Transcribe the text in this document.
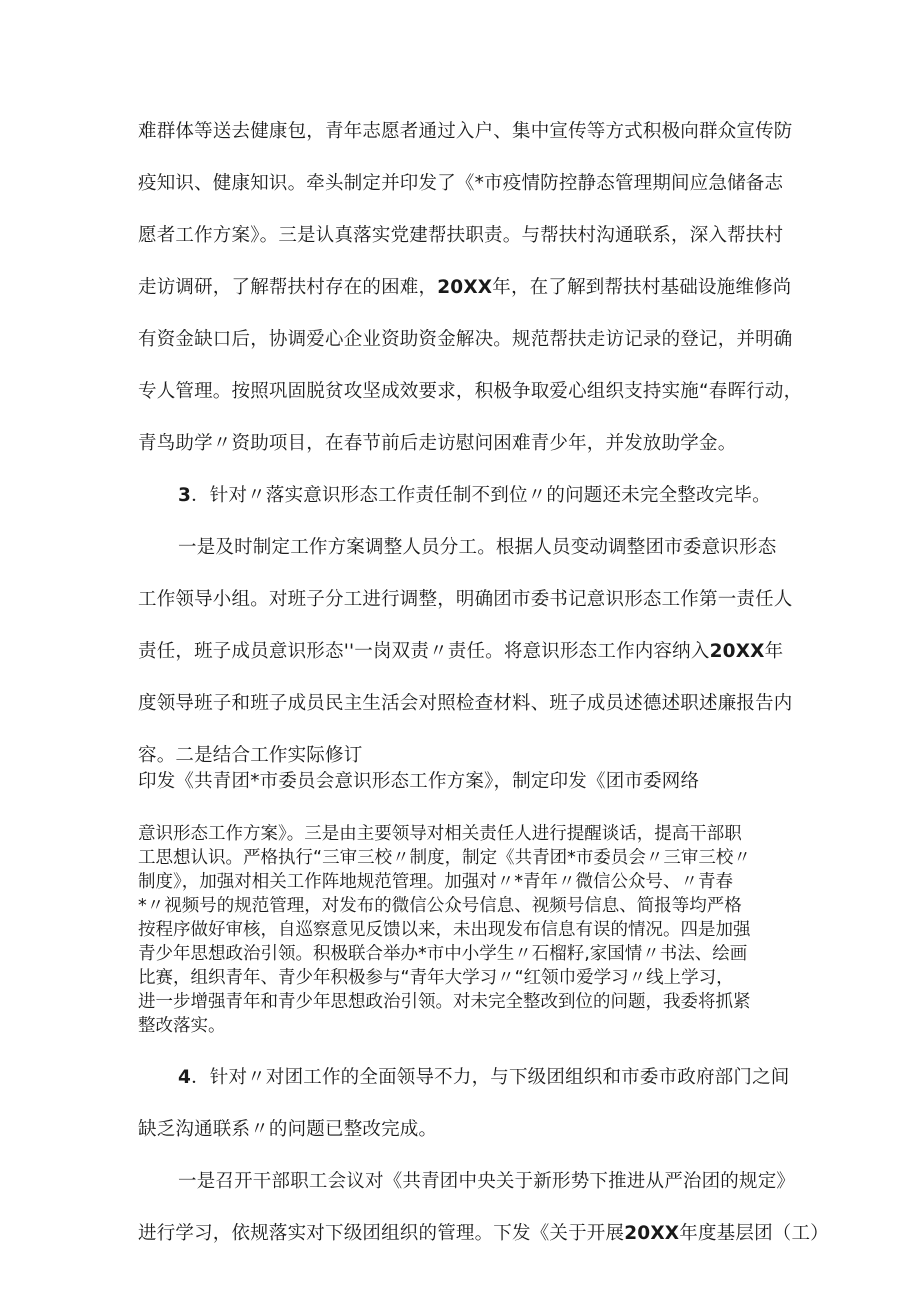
难群体等送去健康包，青年志愿者通过入户、集中宣传等方式积极向群众宣传防
疫知识、健康知识。牵头制定并印发了《*市疫情防控静态管理期间应急储备志
愿者工作方案》。三是认真落实党建帮扶职责。与帮扶村沟通联系，深入帮扶村
走访调研，了解帮扶村存在的困难，20XX年，在了解到帮扶村基础设施维修尚
有资金缺口后，协调爱心企业资助资金解决。规范帮扶走访记录的登记，并明确
专人管理。按照巩固脱贫攻坚成效要求，积极争取爱心组织支持实施“春晖行动，
青鸟助学〃资助项目，在春节前后走访慰问困难青少年，并发放助学金。
3．针对〃落实意识形态工作责任制不到位〃的问题还未完全整改完毕。
一是及时制定工作方案调整人员分工。根据人员变动调整团市委意识形态
工作领导小组。对班子分工进行调整，明确团市委书记意识形态工作第一责任人
责任，班子成员意识形态''一岗双责〃责任。将意识形态工作内容纳入20XX年
度领导班子和班子成员民主生活会对照检查材料、班子成员述德述职述廉报告内
容。二是结合工作实际修订
印发《共青团*市委员会意识形态工作方案》，制定印发《团市委网络
意识形态工作方案》。三是由主要领导对相关责任人进行提醒谈话，提高干部职
工思想认识。严格执行“三审三校〃制度，制定《共青团*市委员会〃三审三校〃
制度》，加强对相关工作阵地规范管理。加强对〃*青年〃微信公众号、〃青春
*〃视频号的规范管理，对发布的微信公众号信息、视频号信息、简报等均严格
按程序做好审核，自巡察意见反馈以来，未出现发布信息有误的情况。四是加强
青少年思想政治引领。积极联合举办*市中小学生〃石榴籽,家国情〃书法、绘画
比赛，组织青年、青少年积极参与“青年大学习〃“红领巾爱学习〃线上学习，
进一步增强青年和青少年思想政治引领。对未完全整改到位的问题，我委将抓紧
整改落实。
4．针对〃对团工作的全面领导不力，与下级团组织和市委市政府部门之间
缺乏沟通联系〃的问题已整改完成。
一是召开干部职工会议对《共青团中央关于新形势下推进从严治团的规定》
进行学习，依规落实对下级团组织的管理。下发《关于开展20XX年度基层团（工）
